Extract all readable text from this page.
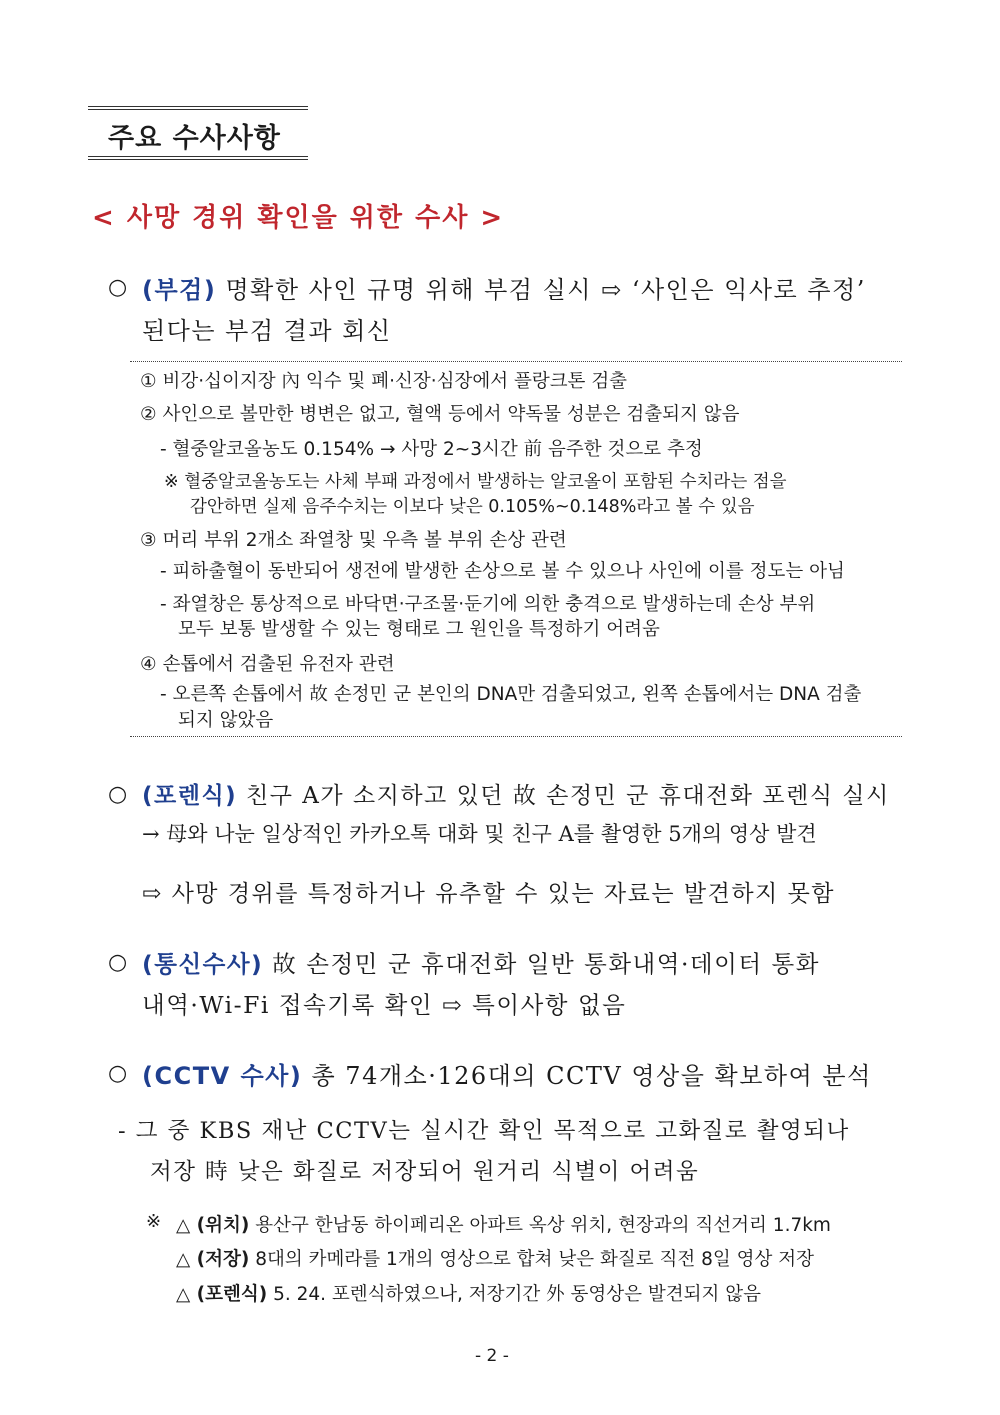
주요 수사사항
< 사망 경위 확인을 위한 수사 >
○ (부검) 명확한 사인 규명 위해 부검 실시 ⇨ ‘사인은 익사로 추정’
된다는 부검 결과 회신
① 비강·십이지장 內 익수 및 폐·신장·심장에서 플랑크톤 검출
② 사인으로 볼만한 병변은 없고, 혈액 등에서 약독물 성분은 검출되지 않음
- 혈중알코올농도 0.154% → 사망 2~3시간 前 음주한 것으로 추정
※ 혈중알코올농도는 사체 부패 과정에서 발생하는 알코올이 포함된 수치라는 점을
감안하면 실제 음주수치는 이보다 낮은 0.105%~0.148%라고 볼 수 있음
③ 머리 부위 2개소 좌열창 및 우측 볼 부위 손상 관련
- 피하출혈이 동반되어 생전에 발생한 손상으로 볼 수 있으나 사인에 이를 정도는 아님
- 좌열창은 통상적으로 바닥면·구조물·둔기에 의한 충격으로 발생하는데 손상 부위
모두 보통 발생할 수 있는 형태로 그 원인을 특정하기 어려움
④ 손톱에서 검출된 유전자 관련
- 오른쪽 손톱에서 故 손정민 군 본인의 DNA만 검출되었고, 왼쪽 손톱에서는 DNA 검출
되지 않았음
○ (포렌식) 친구 A가 소지하고 있던 故 손정민 군 휴대전화 포렌식 실시
→ 母와 나눈 일상적인 카카오톡 대화 및 친구 A를 촬영한 5개의 영상 발견
⇨ 사망 경위를 특정하거나 유추할 수 있는 자료는 발견하지 못함
○ (통신수사) 故 손정민 군 휴대전화 일반 통화내역·데이터 통화
내역·Wi-Fi 접속기록 확인 ⇨ 특이사항 없음
○ (CCTV 수사) 총 74개소·126대의 CCTV 영상을 확보하여 분석
- 그 중 KBS 재난 CCTV는 실시간 확인 목적으로 고화질로 촬영되나
저장 時 낮은 화질로 저장되어 원거리 식별이 어려움
※ △ (위치) 용산구 한남동 하이페리온 아파트 옥상 위치, 현장과의 직선거리 1.7km
△ (저장) 8대의 카메라를 1개의 영상으로 합쳐 낮은 화질로 직전 8일 영상 저장
△ (포렌식) 5. 24. 포렌식하였으나, 저장기간 外 동영상은 발견되지 않음
- 2 -
